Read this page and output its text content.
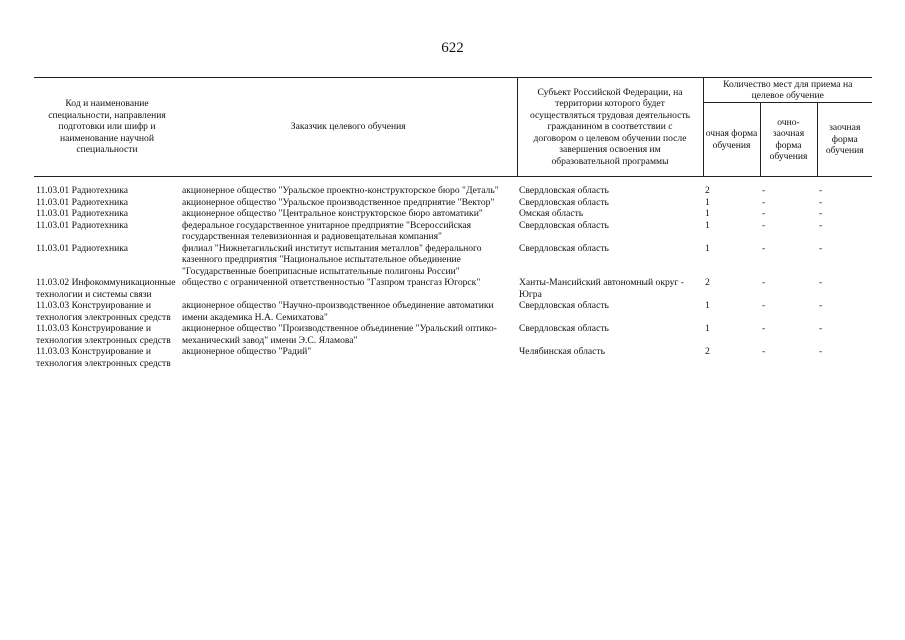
622
Код и наименование специальности, направления подготовки или шифр и наименование научной специальности	Заказчик целевого обучения	Субъект Российской Федерации, на территории которого будет осуществляться трудовая деятельность гражданином в соответствии с договором о целевом обучении после завершения освоения им образовательной программы	Количество мест для приема на целевое обучение		
			очная форма обучения	очно-заочная форма обучения	заочная форма обучения

11.03.01 Радиотехника	акционерное общество "Уральское проектно-конструкторское бюро "Деталь"	Свердловская область	2	-	-
11.03.01 Радиотехника	акционерное общество "Уральское производственное предприятие "Вектор"	Свердловская область	1	-	-
11.03.01 Радиотехника	акционерное общество "Центральное конструкторское бюро автоматики"	Омская область	1	-	-
11.03.01 Радиотехника	федеральное государственное унитарное предприятие "Всероссийская государственная телевизионная и радиовещательная компания"	Свердловская область	1	-	-
11.03.01 Радиотехника	филиал "Нижнетагильский институт испытания металлов" федерального казенного предприятия "Национальное испытательное объединение "Государственные боеприпасные испытательные полигоны России"	Свердловская область	1	-	-
11.03.02 Инфокоммуникационные технологии и системы связи	общество с ограниченной ответственностью "Газпром трансгаз Югорск"	Ханты-Мансийский автономный округ - Югра	2	-	-
11.03.03 Конструирование и технология электронных средств	акционерное общество "Научно-производственное объединение автоматики имени академика Н.А. Семихатова"	Свердловская область	1	-	-
11.03.03 Конструирование и технология электронных средств	акционерное общество "Производственное объединение "Уральский оптико-механический завод" имени Э.С. Яламова"	Свердловская область	1	-	-
11.03.03 Конструирование и технология электронных средств	акционерное общество "Радий"	Челябинская область	2	-	-
